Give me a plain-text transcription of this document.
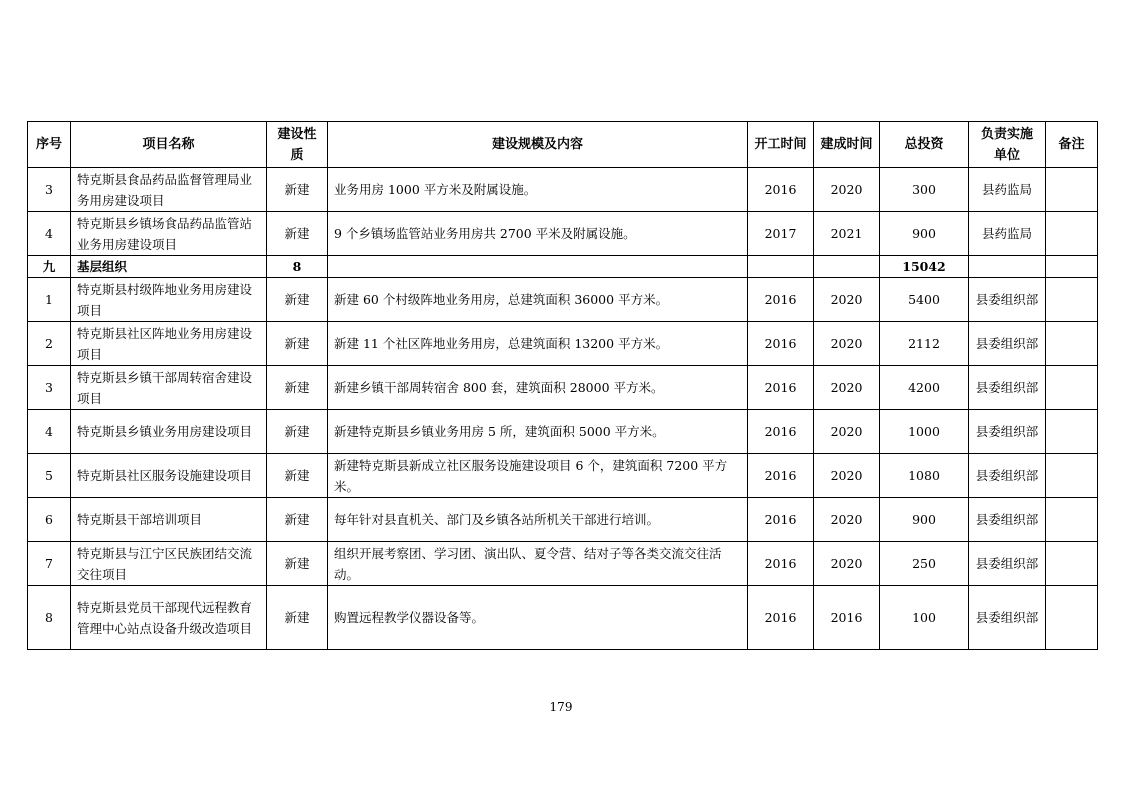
序号	项目名称	建设性质	建设规模及内容	开工时间	建成时间	总投资	负责实施单位	备注
3	特克斯县食品药品监督管理局业务用房建设项目	新建	业务用房 1000 平方米及附属设施。	2016	2020	300	县药监局	
4	特克斯县乡镇场食品药品监管站业务用房建设项目	新建	9 个乡镇场监管站业务用房共 2700 平米及附属设施。	2017	2021	900	县药监局	
九	基层组织	8				15042		
1	特克斯县村级阵地业务用房建设项目	新建	新建 60 个村级阵地业务用房，总建筑面积 36000 平方米。	2016	2020	5400	县委组织部	
2	特克斯县社区阵地业务用房建设项目	新建	新建 11 个社区阵地业务用房，总建筑面积 13200 平方米。	2016	2020	2112	县委组织部	
3	特克斯县乡镇干部周转宿舍建设项目	新建	新建乡镇干部周转宿舍 800 套，建筑面积 28000 平方米。	2016	2020	4200	县委组织部	
4	特克斯县乡镇业务用房建设项目	新建	新建特克斯县乡镇业务用房 5 所，建筑面积 5000 平方米。	2016	2020	1000	县委组织部	
5	特克斯县社区服务设施建设项目	新建	新建特克斯县新成立社区服务设施建设项目 6 个，建筑面积 7200 平方米。	2016	2020	1080	县委组织部	
6	特克斯县干部培训项目	新建	每年针对县直机关、部门及乡镇各站所机关干部进行培训。	2016	2020	900	县委组织部	
7	特克斯县与江宁区民族团结交流交往项目	新建	组织开展考察团、学习团、演出队、夏令营、结对子等各类交流交往活动。	2016	2020	250	县委组织部	
8	特克斯县党员干部现代远程教育管理中心站点设备升级改造项目	新建	购置远程教学仪器设备等。	2016	2016	100	县委组织部	
179
